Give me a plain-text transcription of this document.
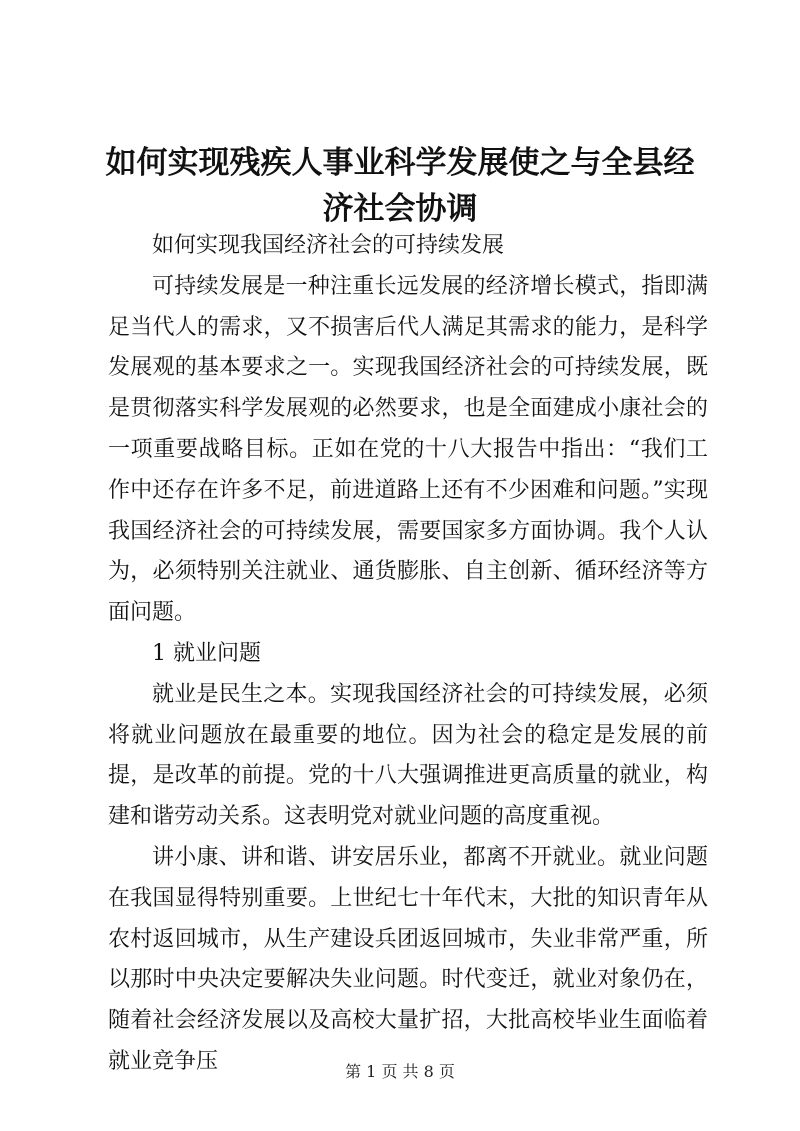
如何实现残疾人事业科学发展使之与全县经济社会协调

如何实现我国经济社会的可持续发展

可持续发展是一种注重长远发展的经济增长模式，指即满足当代人的需求，又不损害后代人满足其需求的能力，是科学发展观的基本要求之一。实现我国经济社会的可持续发展，既是贯彻落实科学发展观的必然要求，也是全面建成小康社会的一项重要战略目标。正如在党的十八大报告中指出：“我们工作中还存在许多不足，前进道路上还有不少困难和问题。”实现我国经济社会的可持续发展，需要国家多方面协调。我个人认为，必须特别关注就业、通货膨胀、自主创新、循环经济等方面问题。

1 就业问题

就业是民生之本。实现我国经济社会的可持续发展，必须将就业问题放在最重要的地位。因为社会的稳定是发展的前提，是改革的前提。党的十八大强调推进更高质量的就业，构建和谐劳动关系。这表明党对就业问题的高度重视。

讲小康、讲和谐、讲安居乐业，都离不开就业。就业问题在我国显得特别重要。上世纪七十年代末，大批的知识青年从农村返回城市，从生产建设兵团返回城市，失业非常严重，所以那时中央决定要解决失业问题。时代变迁，就业对象仍在，随着社会经济发展以及高校大量扩招，大批高校毕业生面临着就业竞争压	第 1 页 共 8 页
